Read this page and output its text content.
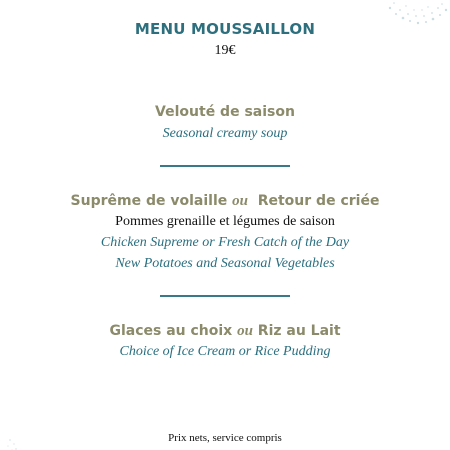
MENU MOUSSAILLON
19€
Velouté de saison
Seasonal creamy soup
Suprême de volaille ou Retour de criée
Pommes grenaille et légumes de saison
Chicken Supreme or Fresh Catch of the Day
New Potatoes and Seasonal Vegetables
Glaces au choix ou Riz au Lait
Choice of Ice Cream or Rice Pudding
Prix nets, service compris
